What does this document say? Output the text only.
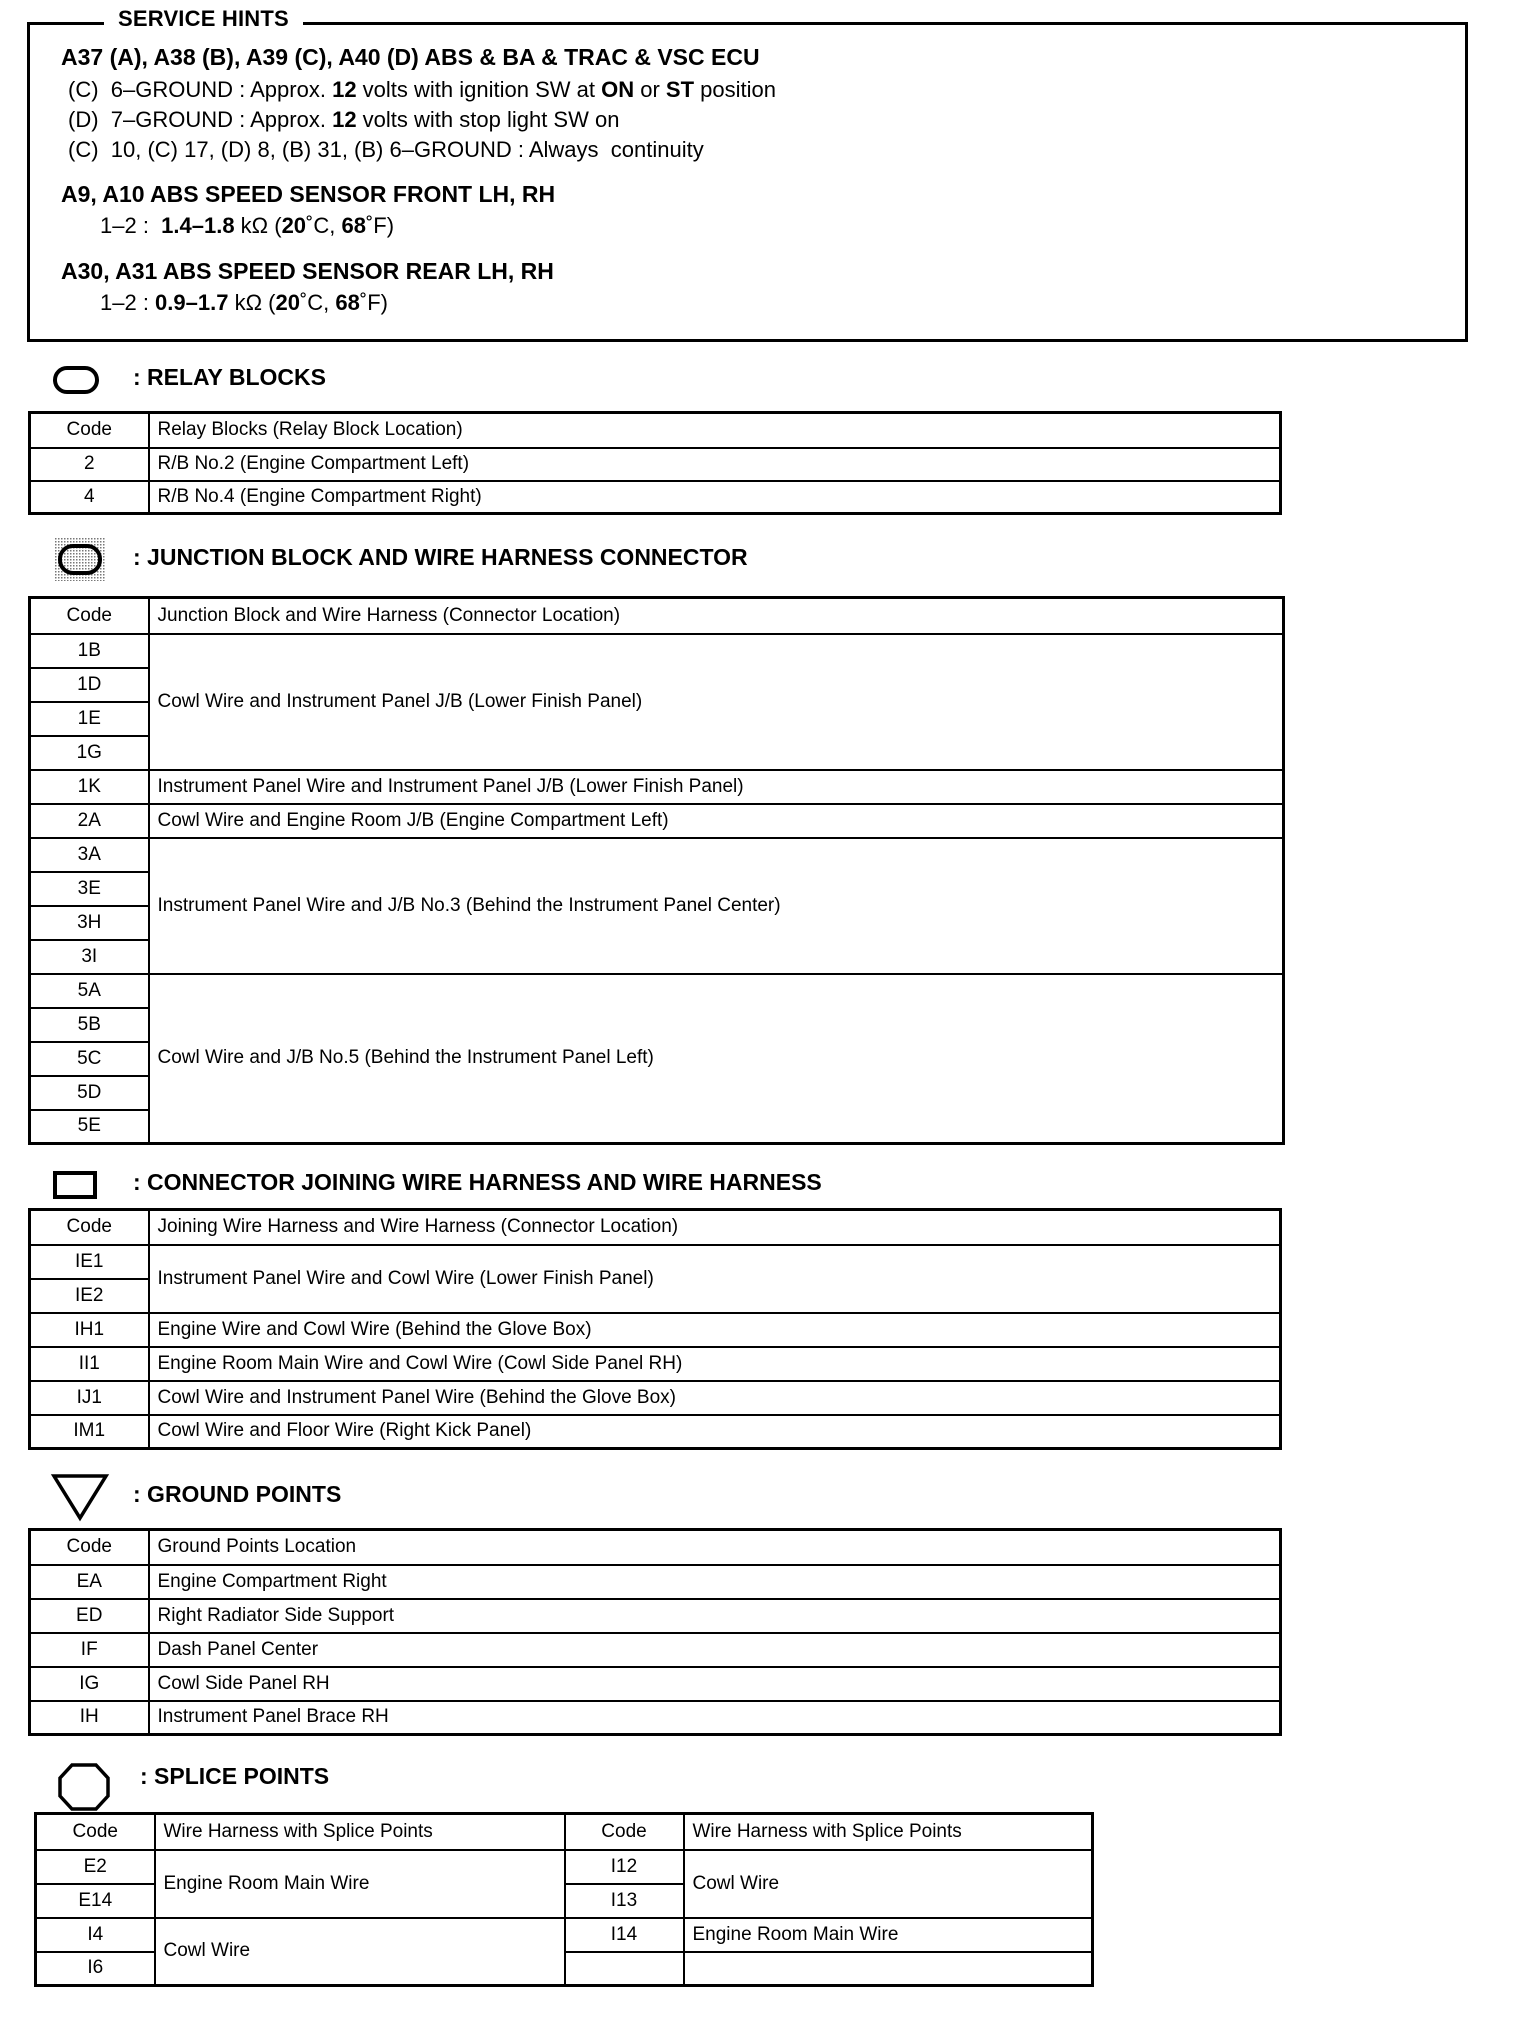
SERVICE HINTS
A37 (A), A38 (B), A39 (C), A40 (D) ABS & BA & TRAC & VSC ECU
(C)  6–GROUND : Approx. 12 volts with ignition SW at ON or ST position
(D)  7–GROUND : Approx. 12 volts with stop light SW on
(C)  10, (C) 17, (D) 8, (B) 31, (B) 6–GROUND : Always  continuity
A9, A10 ABS SPEED SENSOR FRONT LH, RH
1–2 :  1.4–1.8 kΩ (20˚C, 68˚F)
A30, A31 ABS SPEED SENSOR REAR LH, RH
1–2 : 0.9–1.7 kΩ (20˚C, 68˚F)
: RELAY BLOCKS
Code	Relay Blocks (Relay Block Location)
2	R/B No.2 (Engine Compartment Left)
4	R/B No.4 (Engine Compartment Right)
: JUNCTION BLOCK AND WIRE HARNESS CONNECTOR
Code	Junction Block and Wire Harness (Connector Location)
1B	Cowl Wire and Instrument Panel J/B (Lower Finish Panel)
1D	
1E	
1G	
1K	Instrument Panel Wire and Instrument Panel J/B (Lower Finish Panel)
2A	Cowl Wire and Engine Room J/B (Engine Compartment Left)
3A	Instrument Panel Wire and J/B No.3 (Behind the Instrument Panel Center)
3E	
3H	
3I	
5A	Cowl Wire and J/B No.5 (Behind the Instrument Panel Left)
5B	
5C	
5D	
5E	
: CONNECTOR JOINING WIRE HARNESS AND WIRE HARNESS
Code	Joining Wire Harness and Wire Harness (Connector Location)
IE1	Instrument Panel Wire and Cowl Wire (Lower Finish Panel)
IE2	
IH1	Engine Wire and Cowl Wire (Behind the Glove Box)
II1	Engine Room Main Wire and Cowl Wire (Cowl Side Panel RH)
IJ1	Cowl Wire and Instrument Panel Wire (Behind the Glove Box)
IM1	Cowl Wire and Floor Wire (Right Kick Panel)
: GROUND POINTS
Code	Ground Points Location
EA	Engine Compartment Right
ED	Right Radiator Side Support
IF	Dash Panel Center
IG	Cowl Side Panel RH
IH	Instrument Panel Brace RH
: SPLICE POINTS
Code	Wire Harness with Splice Points	Code	Wire Harness with Splice Points
E2	Engine Room Main Wire	I12	Cowl Wire
E14		I13	
I4	Cowl Wire	I14	Engine Room Main Wire
I6			
